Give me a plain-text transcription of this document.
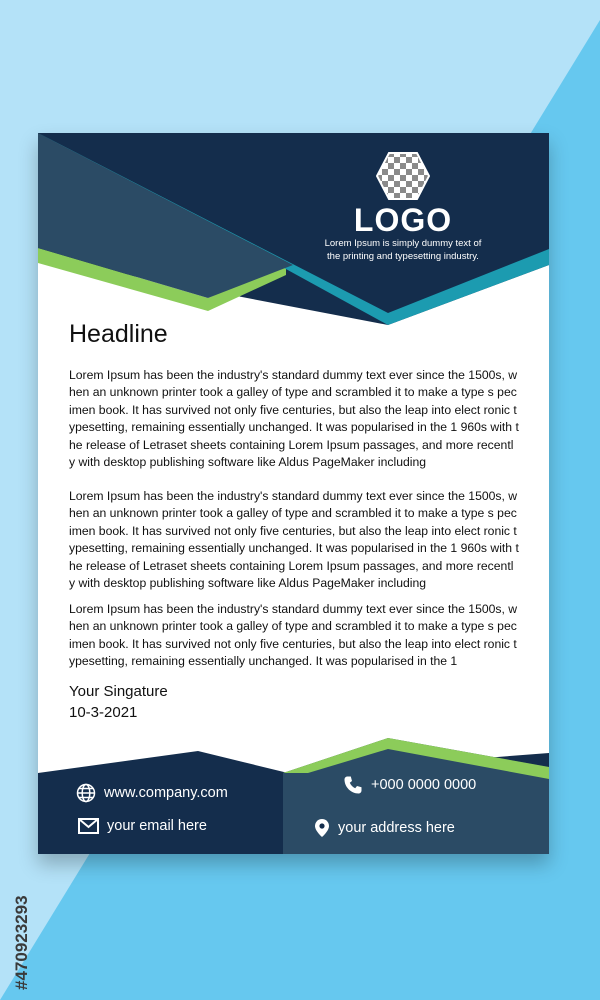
LOGO
Lorem Ipsum is simply dummy text of the printing and typesetting industry.
Headline

Lorem Ipsum has been the industry's standard dummy text ever since the 1500s, when an unknown printer took a galley of type and scrambled it to make a type s pecimen book. It has survived not only five centuries, but also the leap into elect ronic typesetting, remaining essentially unchanged. It was popularised in the 1 960s with the release of Letraset sheets containing Lorem Ipsum passages, and more recently with desktop publishing software like Aldus PageMaker including

Lorem Ipsum has been the industry's standard dummy text ever since the 1500s, when an unknown printer took a galley of type and scrambled it to make a type s pecimen book. It has survived not only five centuries, but also the leap into elect ronic typesetting, remaining essentially unchanged. It was popularised in the 1 960s with the release of Letraset sheets containing Lorem Ipsum passages, and more recently with desktop publishing software like Aldus PageMaker including

Lorem Ipsum has been the industry's standard dummy text ever since the 1500s, when an unknown printer took a galley of type and scrambled it to make a type s pecimen book. It has survived not only five centuries, but also the leap into elect ronic typesetting, remaining essentially unchanged. It was popularised in the 1

Your Singature
10-3-2021
www.company.com
your email here
+000 0000 0000
your address here
#470923293
